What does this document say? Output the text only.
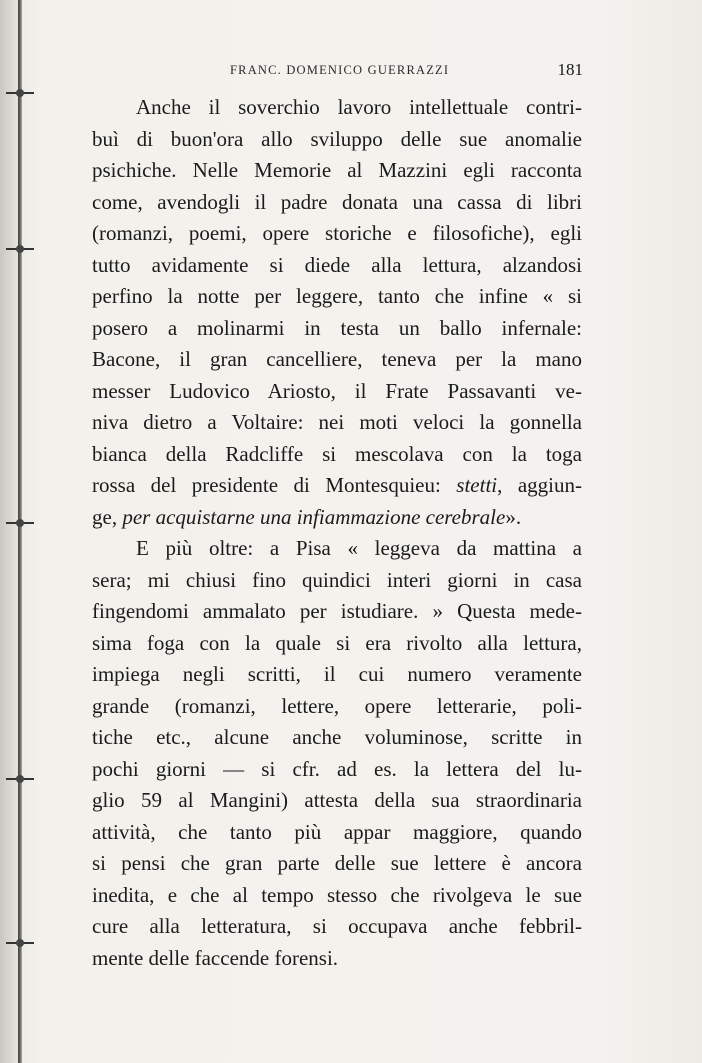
FRANC. DOMENICO GUERRAZZI	181
Anche il soverchio lavoro intellettuale contri-
buì di buon'ora allo sviluppo delle sue anomalie
psichiche. Nelle Memorie al Mazzini egli racconta
come, avendogli il padre donata una cassa di libri
(romanzi, poemi, opere storiche e filosofiche), egli
tutto avidamente si diede alla lettura, alzandosi
perfino la notte per leggere, tanto che infine « si
posero a molinarmi in testa un ballo infernale:
Bacone, il gran cancelliere, teneva per la mano
messer Ludovico Ariosto, il Frate Passavanti ve-
niva dietro a Voltaire: nei moti veloci la gonnella
bianca della Radcliffe si mescolava con la toga
rossa del presidente di Montesquieu: stetti, aggiun-
ge, per acquistarne una infiammazione cerebrale».
E più oltre: a Pisa « leggeva da mattina a
sera; mi chiusi fino quindici interi giorni in casa
fingendomi ammalato per istudiare. » Questa mede-
sima foga con la quale si era rivolto alla lettura,
impiega negli scritti, il cui numero veramente
grande (romanzi, lettere, opere letterarie, poli-
tiche etc., alcune anche voluminose, scritte in
pochi giorni — si cfr. ad es. la lettera del lu-
glio 59 al Mangini) attesta della sua straordinaria
attività, che tanto più appar maggiore, quando
si pensi che gran parte delle sue lettere è ancora
inedita, e che al tempo stesso che rivolgeva le sue
cure alla letteratura, si occupava anche febbril-
mente delle faccende forensi.
